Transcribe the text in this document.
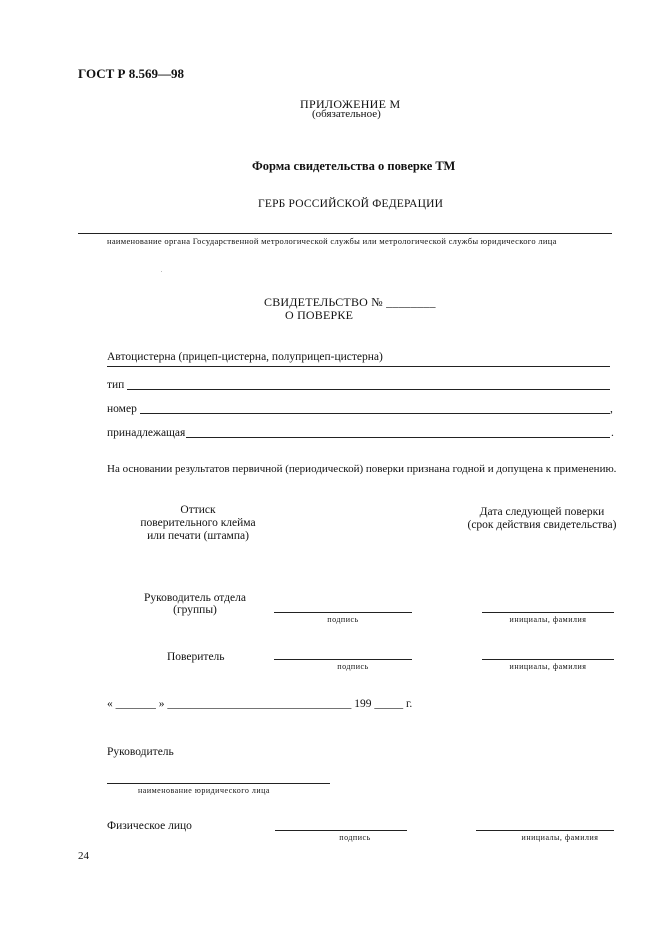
ГОСТ Р 8.569—98
ПРИЛОЖЕНИЕ М
(обязательное)
Форма свидетельства о поверке ТМ
ГЕРБ РОССИЙСКОЙ ФЕДЕРАЦИИ
наименование органа Государственной метрологической службы или метрологической службы юридического лица
СВИДЕТЕЛЬСТВО № ________
О ПОВЕРКЕ
Автоцистерна (прицеп-цистерна, полуприцеп-цистерна)
тип
номер	,
принадлежащая	.
На основании результатов первичной (периодической) поверки признана годной и допущена к применению.
Оттиск
поверительного клейма
или печати (штампа)
Дата следующей поверки
(срок действия свидетельства)
Руководитель отдела
(группы)
подпись	инициалы, фамилия
Поверитель
подпись	инициалы, фамилия
« _______ » ________________________________ 199 _____ г.
Руководитель
наименование юридического лица
Физическое лицо
подпись	инициалы, фамилия
24
